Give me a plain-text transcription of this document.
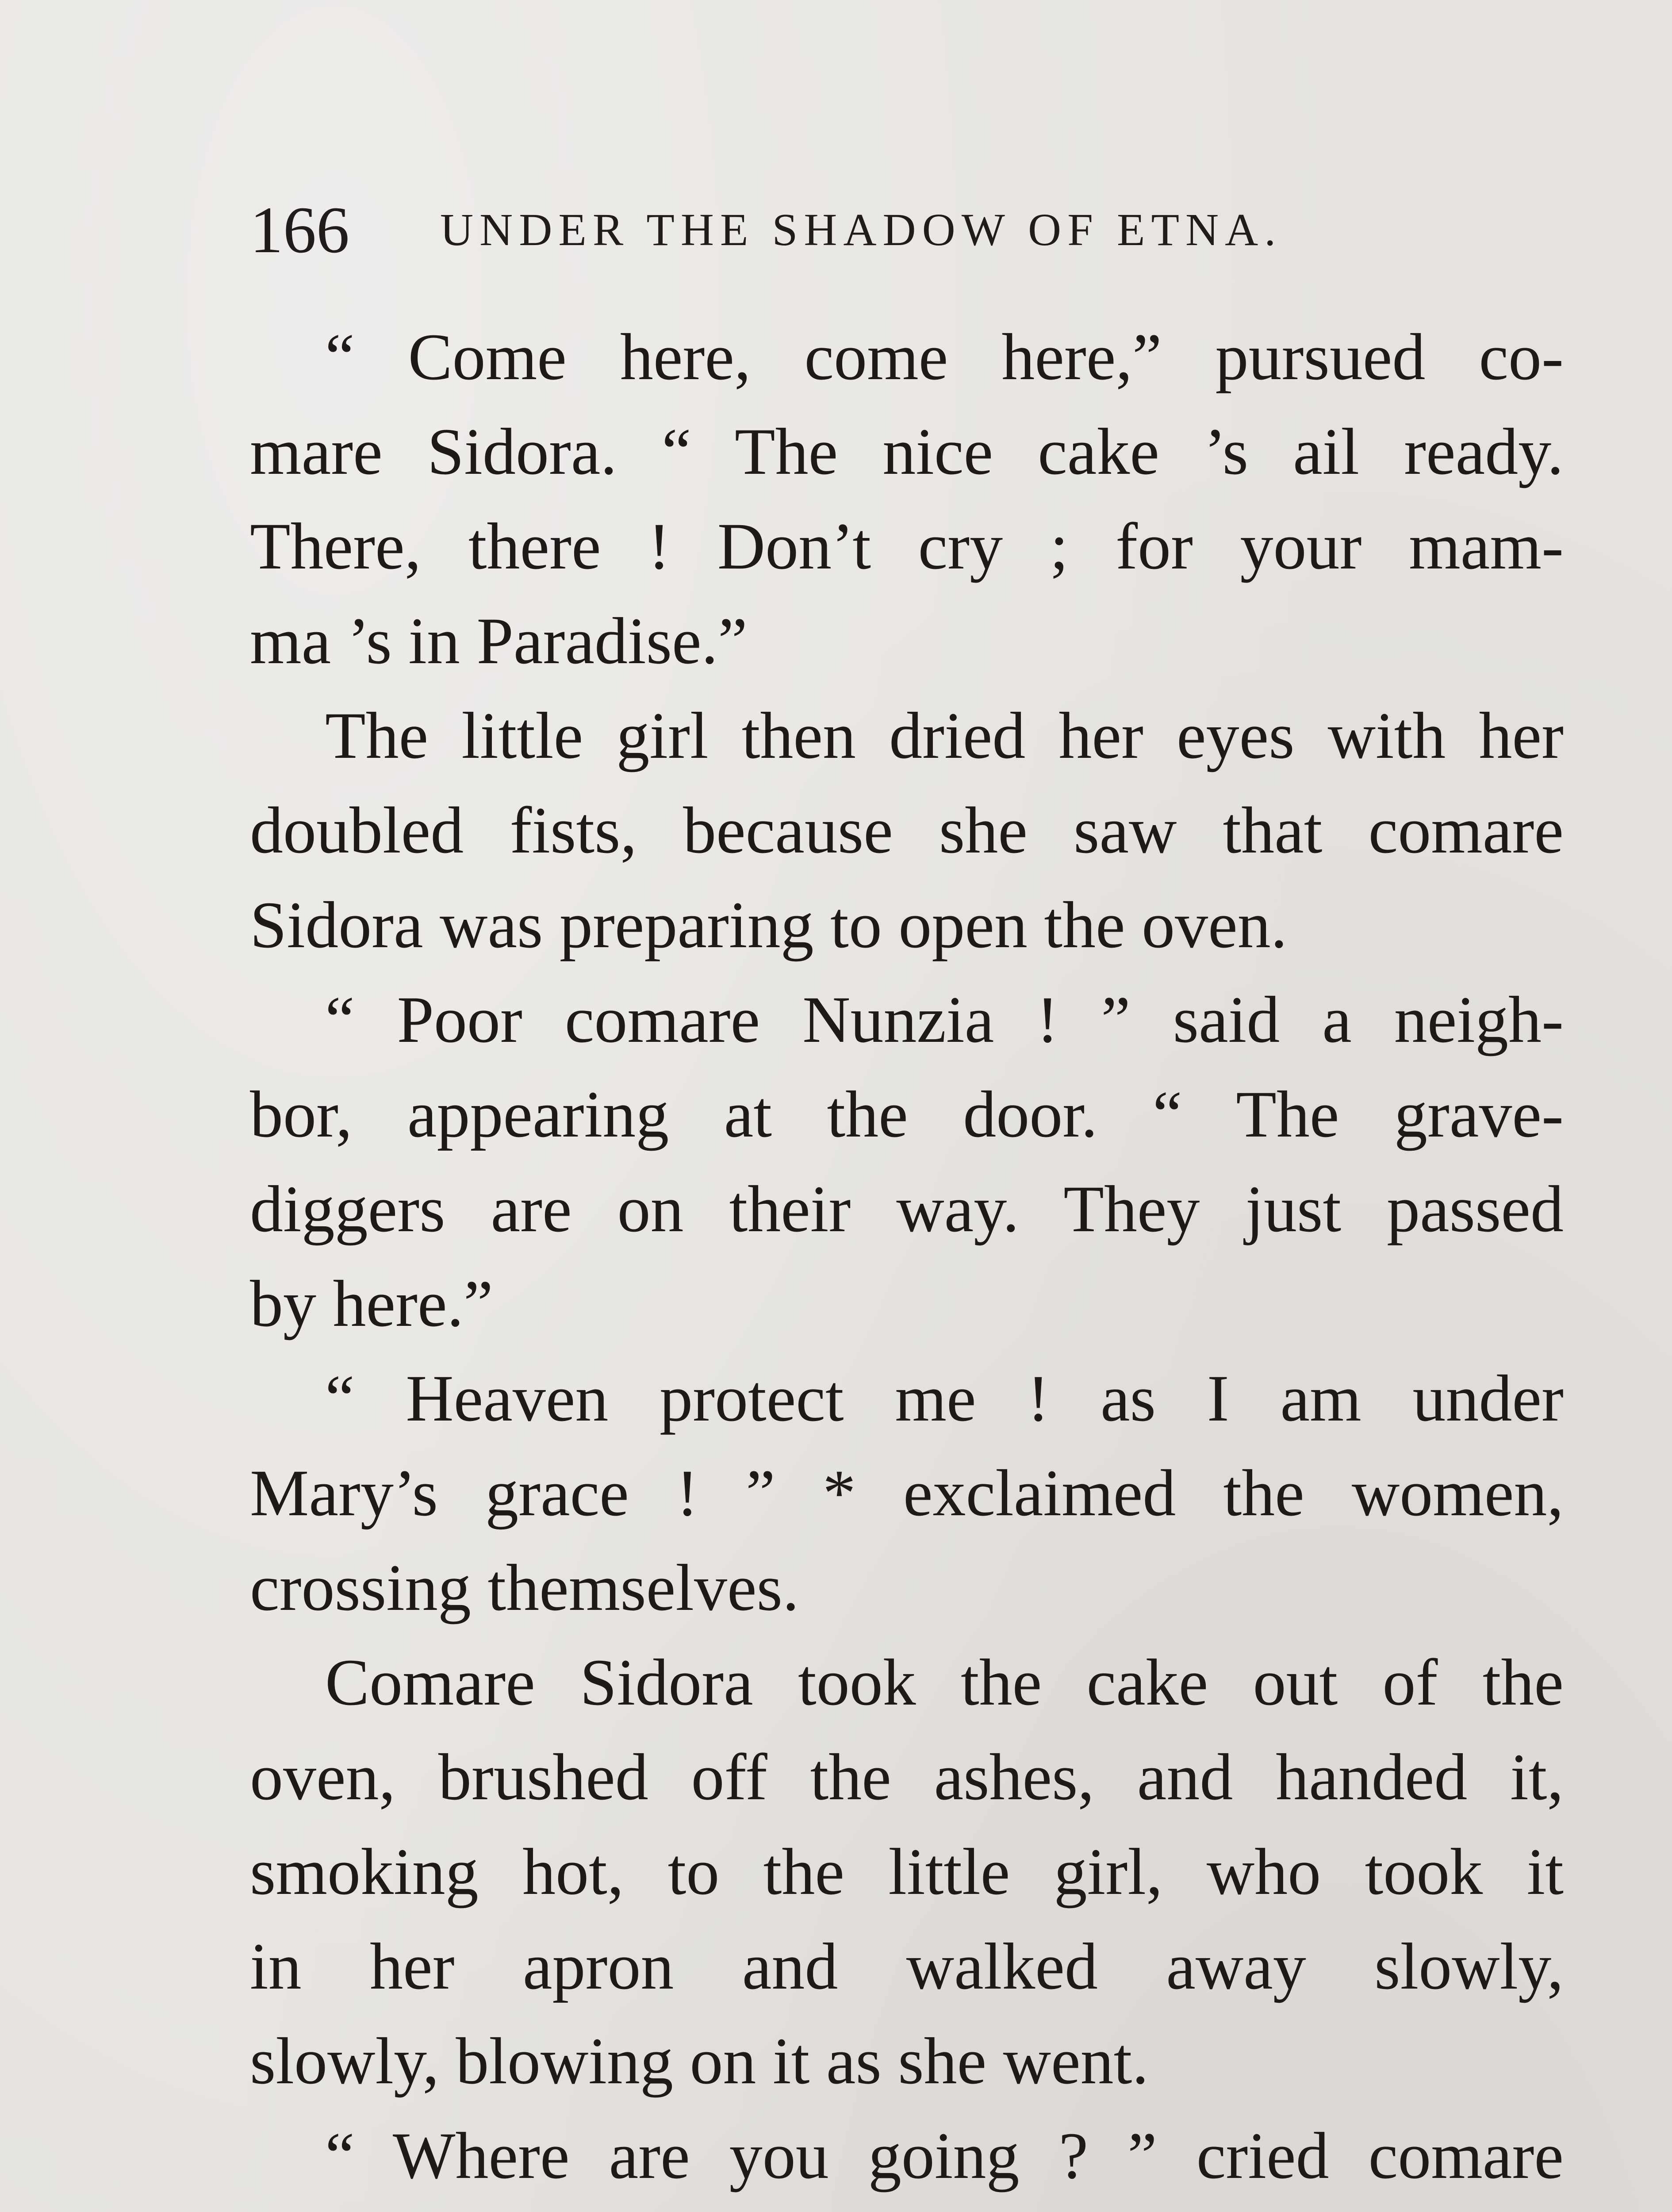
166 UNDER THE SHADOW OF ETNA.
“ Come here, come here,” pursued co-
mare Sidora. “ The nice cake ’s ail ready.
There, there ! Don’t cry ; for your mam-
ma ’s in Paradise.”
The little girl then dried her eyes with her
doubled fists, because she saw that comare
Sidora was preparing to open the oven.
“ Poor comare Nunzia ! ” said a neigh-
bor, appearing at the door. “ The grave-
diggers are on their way. They just passed
by here.”
“ Heaven protect me ! as I am under
Mary’s grace ! ” * exclaimed the women,
crossing themselves.
Comare Sidora took the cake out of the
oven, brushed off the ashes, and handed it,
smoking hot, to the little girl, who took it
in her apron and walked away slowly,
slowly, blowing on it as she went.
“ Where are you going ? ” cried comare
